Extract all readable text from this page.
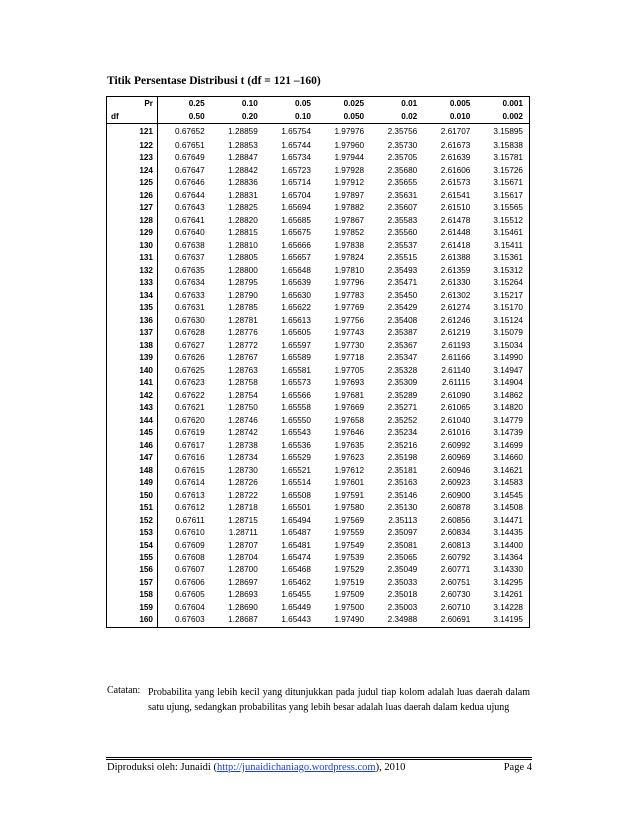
Titik Persentase Distribusi t (df = 121 –160)
Pr	0.25	0.10	0.05	0.025	0.01	0.005	0.001
df	0.50	0.20	0.10	0.050	0.02	0.010	0.002
121	0.67652	1.28859	1.65754	1.97976	2.35756	2.61707	3.15895
122	0.67651	1.28853	1.65744	1.97960	2.35730	2.61673	3.15838
123	0.67649	1.28847	1.65734	1.97944	2.35705	2.61639	3.15781
124	0.67647	1.28842	1.65723	1.97928	2.35680	2.61606	3.15726
125	0.67646	1.28836	1.65714	1.97912	2.35655	2.61573	3.15671
126	0.67644	1.28831	1.65704	1.97897	2.35631	2.61541	3.15617
127	0.67643	1.28825	1.65694	1.97882	2.35607	2.61510	3.15565
128	0.67641	1.28820	1.65685	1.97867	2.35583	2.61478	3.15512
129	0.67640	1.28815	1.65675	1.97852	2.35560	2.61448	3.15461
130	0.67638	1.28810	1.65666	1.97838	2.35537	2.61418	3.15411
131	0.67637	1.28805	1.65657	1.97824	2.35515	2.61388	3.15361
132	0.67635	1.28800	1.65648	1.97810	2.35493	2.61359	3.15312
133	0.67634	1.28795	1.65639	1.97796	2.35471	2.61330	3.15264
134	0.67633	1.28790	1.65630	1.97783	2.35450	2.61302	3.15217
135	0.67631	1.28785	1.65622	1.97769	2.35429	2.61274	3.15170
136	0.67630	1.28781	1.65613	1.97756	2.35408	2.61246	3.15124
137	0.67628	1.28776	1.65605	1.97743	2.35387	2.61219	3.15079
138	0.67627	1.28772	1.65597	1.97730	2.35367	2.61193	3.15034
139	0.67626	1.28767	1.65589	1.97718	2.35347	2.61166	3.14990
140	0.67625	1.28763	1.65581	1.97705	2.35328	2.61140	3.14947
141	0.67623	1.28758	1.65573	1.97693	2.35309	2.61115	3.14904
142	0.67622	1.28754	1.65566	1.97681	2.35289	2.61090	3.14862
143	0.67621	1.28750	1.65558	1.97669	2.35271	2.61065	3.14820
144	0.67620	1.28746	1.65550	1.97658	2.35252	2.61040	3.14779
145	0.67619	1.28742	1.65543	1.97646	2.35234	2.61016	3.14739
146	0.67617	1.28738	1.65536	1.97635	2.35216	2.60992	3.14699
147	0.67616	1.28734	1.65529	1.97623	2.35198	2.60969	3.14660
148	0.67615	1.28730	1.65521	1.97612	2.35181	2.60946	3.14621
149	0.67614	1.28726	1.65514	1.97601	2.35163	2.60923	3.14583
150	0.67613	1.28722	1.65508	1.97591	2.35146	2.60900	3.14545
151	0.67612	1.28718	1.65501	1.97580	2.35130	2.60878	3.14508
152	0.67611	1.28715	1.65494	1.97569	2.35113	2.60856	3.14471
153	0.67610	1.28711	1.65487	1.97559	2.35097	2.60834	3.14435
154	0.67609	1.28707	1.65481	1.97549	2.35081	2.60813	3.14400
155	0.67608	1.28704	1.65474	1.97539	2.35065	2.60792	3.14364
156	0.67607	1.28700	1.65468	1.97529	2.35049	2.60771	3.14330
157	0.67606	1.28697	1.65462	1.97519	2.35033	2.60751	3.14295
158	0.67605	1.28693	1.65455	1.97509	2.35018	2.60730	3.14261
159	0.67604	1.28690	1.65449	1.97500	2.35003	2.60710	3.14228
160	0.67603	1.28687	1.65443	1.97490	2.34988	2.60691	3.14195
Catatan: Probabilita yang lebih kecil yang ditunjukkan pada judul tiap kolom adalah luas daerah dalam satu ujung, sedangkan probabilitas yang lebih besar adalah luas daerah dalam kedua ujung
Diproduksi oleh: Junaidi (http://junaidichaniago.wordpress.com), 2010	Page 4
